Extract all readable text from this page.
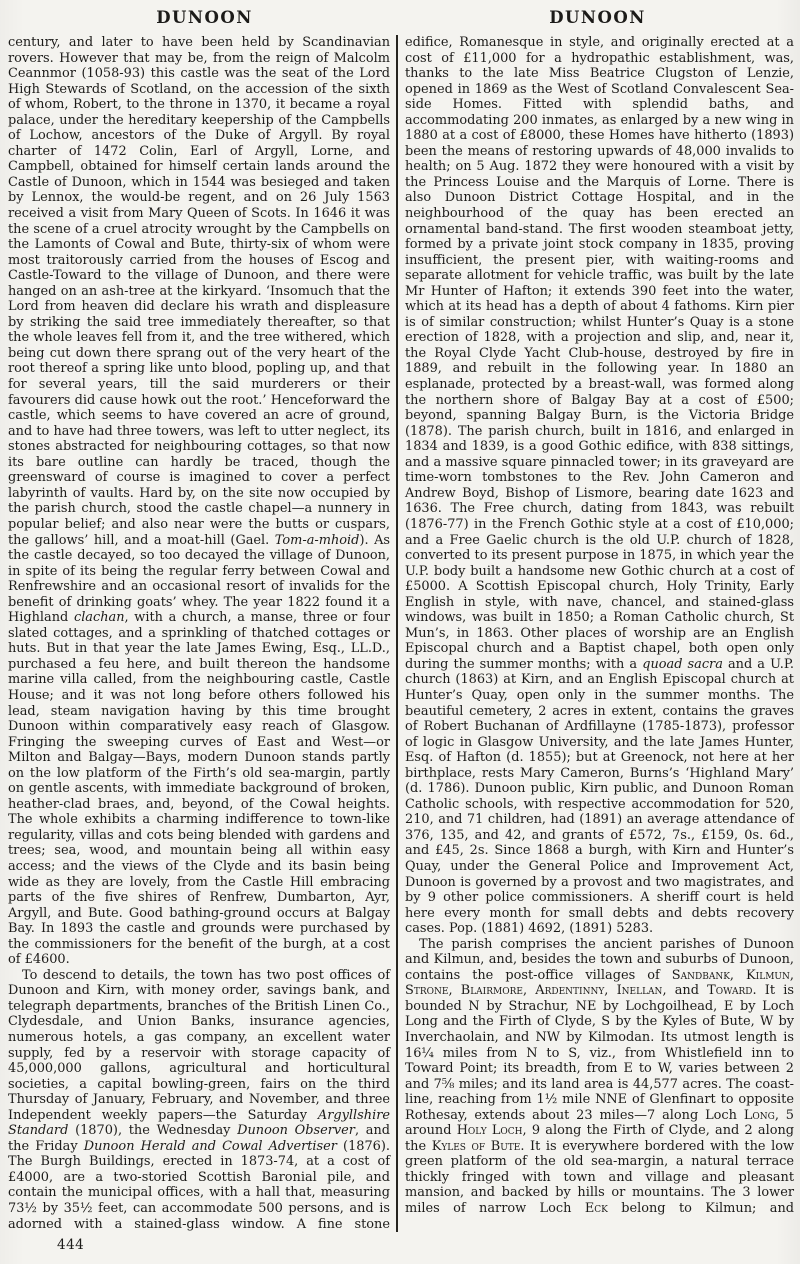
DUNOON	DUNOON

century, and later to have been held by Scandinavian rovers. However that may be, from the reign of Malcolm Ceannmor (1058-93) this castle was the seat of the Lord High Stewards of Scotland, on the accession of the sixth of whom, Robert, to the throne in 1370, it became a royal palace, under the hereditary keepership of the Campbells of Lochow, ancestors of the Duke of Argyll. By royal charter of 1472 Colin, Earl of Argyll, Lorne, and Campbell, obtained for himself certain lands around the Castle of Dunoon, which in 1544 was besieged and taken by Lennox, the would-be regent, and on 26 July 1563 received a visit from Mary Queen of Scots. In 1646 it was the scene of a cruel atrocity wrought by the Campbells on the Lamonts of Cowal and Bute, thirty-six of whom were most traitorously carried from the houses of Escog and Castle-Toward to the village of Dunoon, and there were hanged on an ash-tree at the kirkyard. ‘Insomuch that the Lord from heaven did declare his wrath and displeasure by striking the said tree immediately thereafter, so that the whole leaves fell from it, and the tree withered, which being cut down there sprang out of the very heart of the root thereof a spring like unto blood, popling up, and that for several years, till the said murderers or their favourers did cause howk out the root.’ Henceforward the castle, which seems to have covered an acre of ground, and to have had three towers, was left to utter neglect, its stones abstracted for neighbouring cottages, so that now its bare outline can hardly be traced, though the greensward of course is imagined to cover a perfect labyrinth of vaults. Hard by, on the site now occupied by the parish church, stood the castle chapel—a nunnery in popular belief; and also near were the butts or cuspars, the gallows’ hill, and a moat-hill (Gael. Tom-a-mhoid). As the castle decayed, so too decayed the village of Dunoon, in spite of its being the regular ferry between Cowal and Renfrewshire and an occasional resort of invalids for the benefit of drinking goats’ whey. The year 1822 found it a Highland clachan, with a church, a manse, three or four slated cottages, and a sprinkling of thatched cottages or huts. But in that year the late James Ewing, Esq., LL.D., purchased a feu here, and built thereon the handsome marine villa called, from the neighbouring castle, Castle House; and it was not long before others followed his lead, steam navigation having by this time brought Dunoon within comparatively easy reach of Glasgow. Fringing the sweeping curves of East and West—or Milton and Balgay—Bays, modern Dunoon stands partly on the low platform of the Firth’s old sea-margin, partly on gentle ascents, with immediate background of broken, heather-clad braes, and, beyond, of the Cowal heights. The whole exhibits a charming indifference to town-like regularity, villas and cots being blended with gardens and trees; sea, wood, and mountain being all within easy access; and the views of the Clyde and its basin being wide as they are lovely, from the Castle Hill embracing parts of the five shires of Renfrew, Dumbarton, Ayr, Argyll, and Bute. Good bathing-ground occurs at Balgay Bay. In 1893 the castle and grounds were purchased by the commissioners for the benefit of the burgh, at a cost of £4600.

To descend to details, the town has two post offices of Dunoon and Kirn, with money order, savings bank, and telegraph departments, branches of the British Linen Co., Clydesdale, and Union Banks, insurance agencies, numerous hotels, a gas company, an excellent water supply, fed by a reservoir with storage capacity of 45,000,000 gallons, agricultural and horticultural societies, a capital bowling-green, fairs on the third Thursday of January, February, and November, and three Independent weekly papers—the Saturday Argyllshire Standard (1870), the Wednesday Dunoon Observer, and the Friday Dunoon Herald and Cowal Advertiser (1876). The Burgh Buildings, erected in 1873-74, at a cost of £4000, are a two-storied Scottish Baronial pile, and contain the municipal offices, with a hall that, measuring 73½ by 35½ feet, can accommodate 500 persons, and is adorned with a stained-glass window. A fine stone

edifice, Romanesque in style, and originally erected at a cost of £11,000 for a hydropathic establishment, was, thanks to the late Miss Beatrice Clugston of Lenzie, opened in 1869 as the West of Scotland Convalescent Sea-side Homes. Fitted with splendid baths, and accommodating 200 inmates, as enlarged by a new wing in 1880 at a cost of £8000, these Homes have hitherto (1893) been the means of restoring upwards of 48,000 invalids to health; on 5 Aug. 1872 they were honoured with a visit by the Princess Louise and the Marquis of Lorne. There is also Dunoon District Cottage Hospital, and in the neighbourhood of the quay has been erected an ornamental band-stand. The first wooden steamboat jetty, formed by a private joint stock company in 1835, proving insufficient, the present pier, with waiting-rooms and separate allotment for vehicle traffic, was built by the late Mr Hunter of Hafton; it extends 390 feet into the water, which at its head has a depth of about 4 fathoms. Kirn pier is of similar construction; whilst Hunter’s Quay is a stone erection of 1828, with a projection and slip, and, near it, the Royal Clyde Yacht Club-house, destroyed by fire in 1889, and rebuilt in the following year. In 1880 an esplanade, protected by a breast-wall, was formed along the northern shore of Balgay Bay at a cost of £500; beyond, spanning Balgay Burn, is the Victoria Bridge (1878). The parish church, built in 1816, and enlarged in 1834 and 1839, is a good Gothic edifice, with 838 sittings, and a massive square pinnacled tower; in its graveyard are time-worn tombstones to the Rev. John Cameron and Andrew Boyd, Bishop of Lismore, bearing date 1623 and 1636. The Free church, dating from 1843, was rebuilt (1876-77) in the French Gothic style at a cost of £10,000; and a Free Gaelic church is the old U.P. church of 1828, converted to its present purpose in 1875, in which year the U.P. body built a handsome new Gothic church at a cost of £5000. A Scottish Episcopal church, Holy Trinity, Early English in style, with nave, chancel, and stained-glass windows, was built in 1850; a Roman Catholic church, St Mun’s, in 1863. Other places of worship are an English Episcopal church and a Baptist chapel, both open only during the summer months; with a quoad sacra and a U.P. church (1863) at Kirn, and an English Episcopal church at Hunter’s Quay, open only in the summer months. The beautiful cemetery, 2 acres in extent, contains the graves of Robert Buchanan of Ardfillayne (1785-1873), professor of logic in Glasgow University, and the late James Hunter, Esq. of Hafton (d. 1855); but at Greenock, not here at her birthplace, rests Mary Cameron, Burns’s ‘Highland Mary’ (d. 1786). Dunoon public, Kirn public, and Dunoon Roman Catholic schools, with respective accommodation for 520, 210, and 71 children, had (1891) an average attendance of 376, 135, and 42, and grants of £572, 7s., £159, 0s. 6d., and £45, 2s. Since 1868 a burgh, with Kirn and Hunter’s Quay, under the General Police and Improvement Act, Dunoon is governed by a provost and two magistrates, and by 9 other police commissioners. A sheriff court is held here every month for small debts and debts recovery cases. Pop. (1881) 4692, (1891) 5283.

The parish comprises the ancient parishes of Dunoon and Kilmun, and, besides the town and suburbs of Dunoon, contains the post-office villages of Sandbank, Kilmun, Strone, Blairmore, Ardentinny, Inellan, and Toward. It is bounded N by Strachur, NE by Lochgoilhead, E by Loch Long and the Firth of Clyde, S by the Kyles of Bute, W by Inverchaolain, and NW by Kilmodan. Its utmost length is 16¼ miles from N to S, viz., from Whistlefield inn to Toward Point; its breadth, from E to W, varies between 2 and 7⅝ miles; and its land area is 44,577 acres. The coast-line, reaching from 1½ mile NNE of Glenfinart to opposite Rothesay, extends about 23 miles—7 along Loch Long, 5 around Holy Loch, 9 along the Firth of Clyde, and 2 along the Kyles of Bute. It is everywhere bordered with the low green platform of the old sea-margin, a natural terrace thickly fringed with town and village and pleasant mansion, and backed by hills or mountains. The 3 lower miles of narrow Loch Eck belong to Kilmun; and

444
